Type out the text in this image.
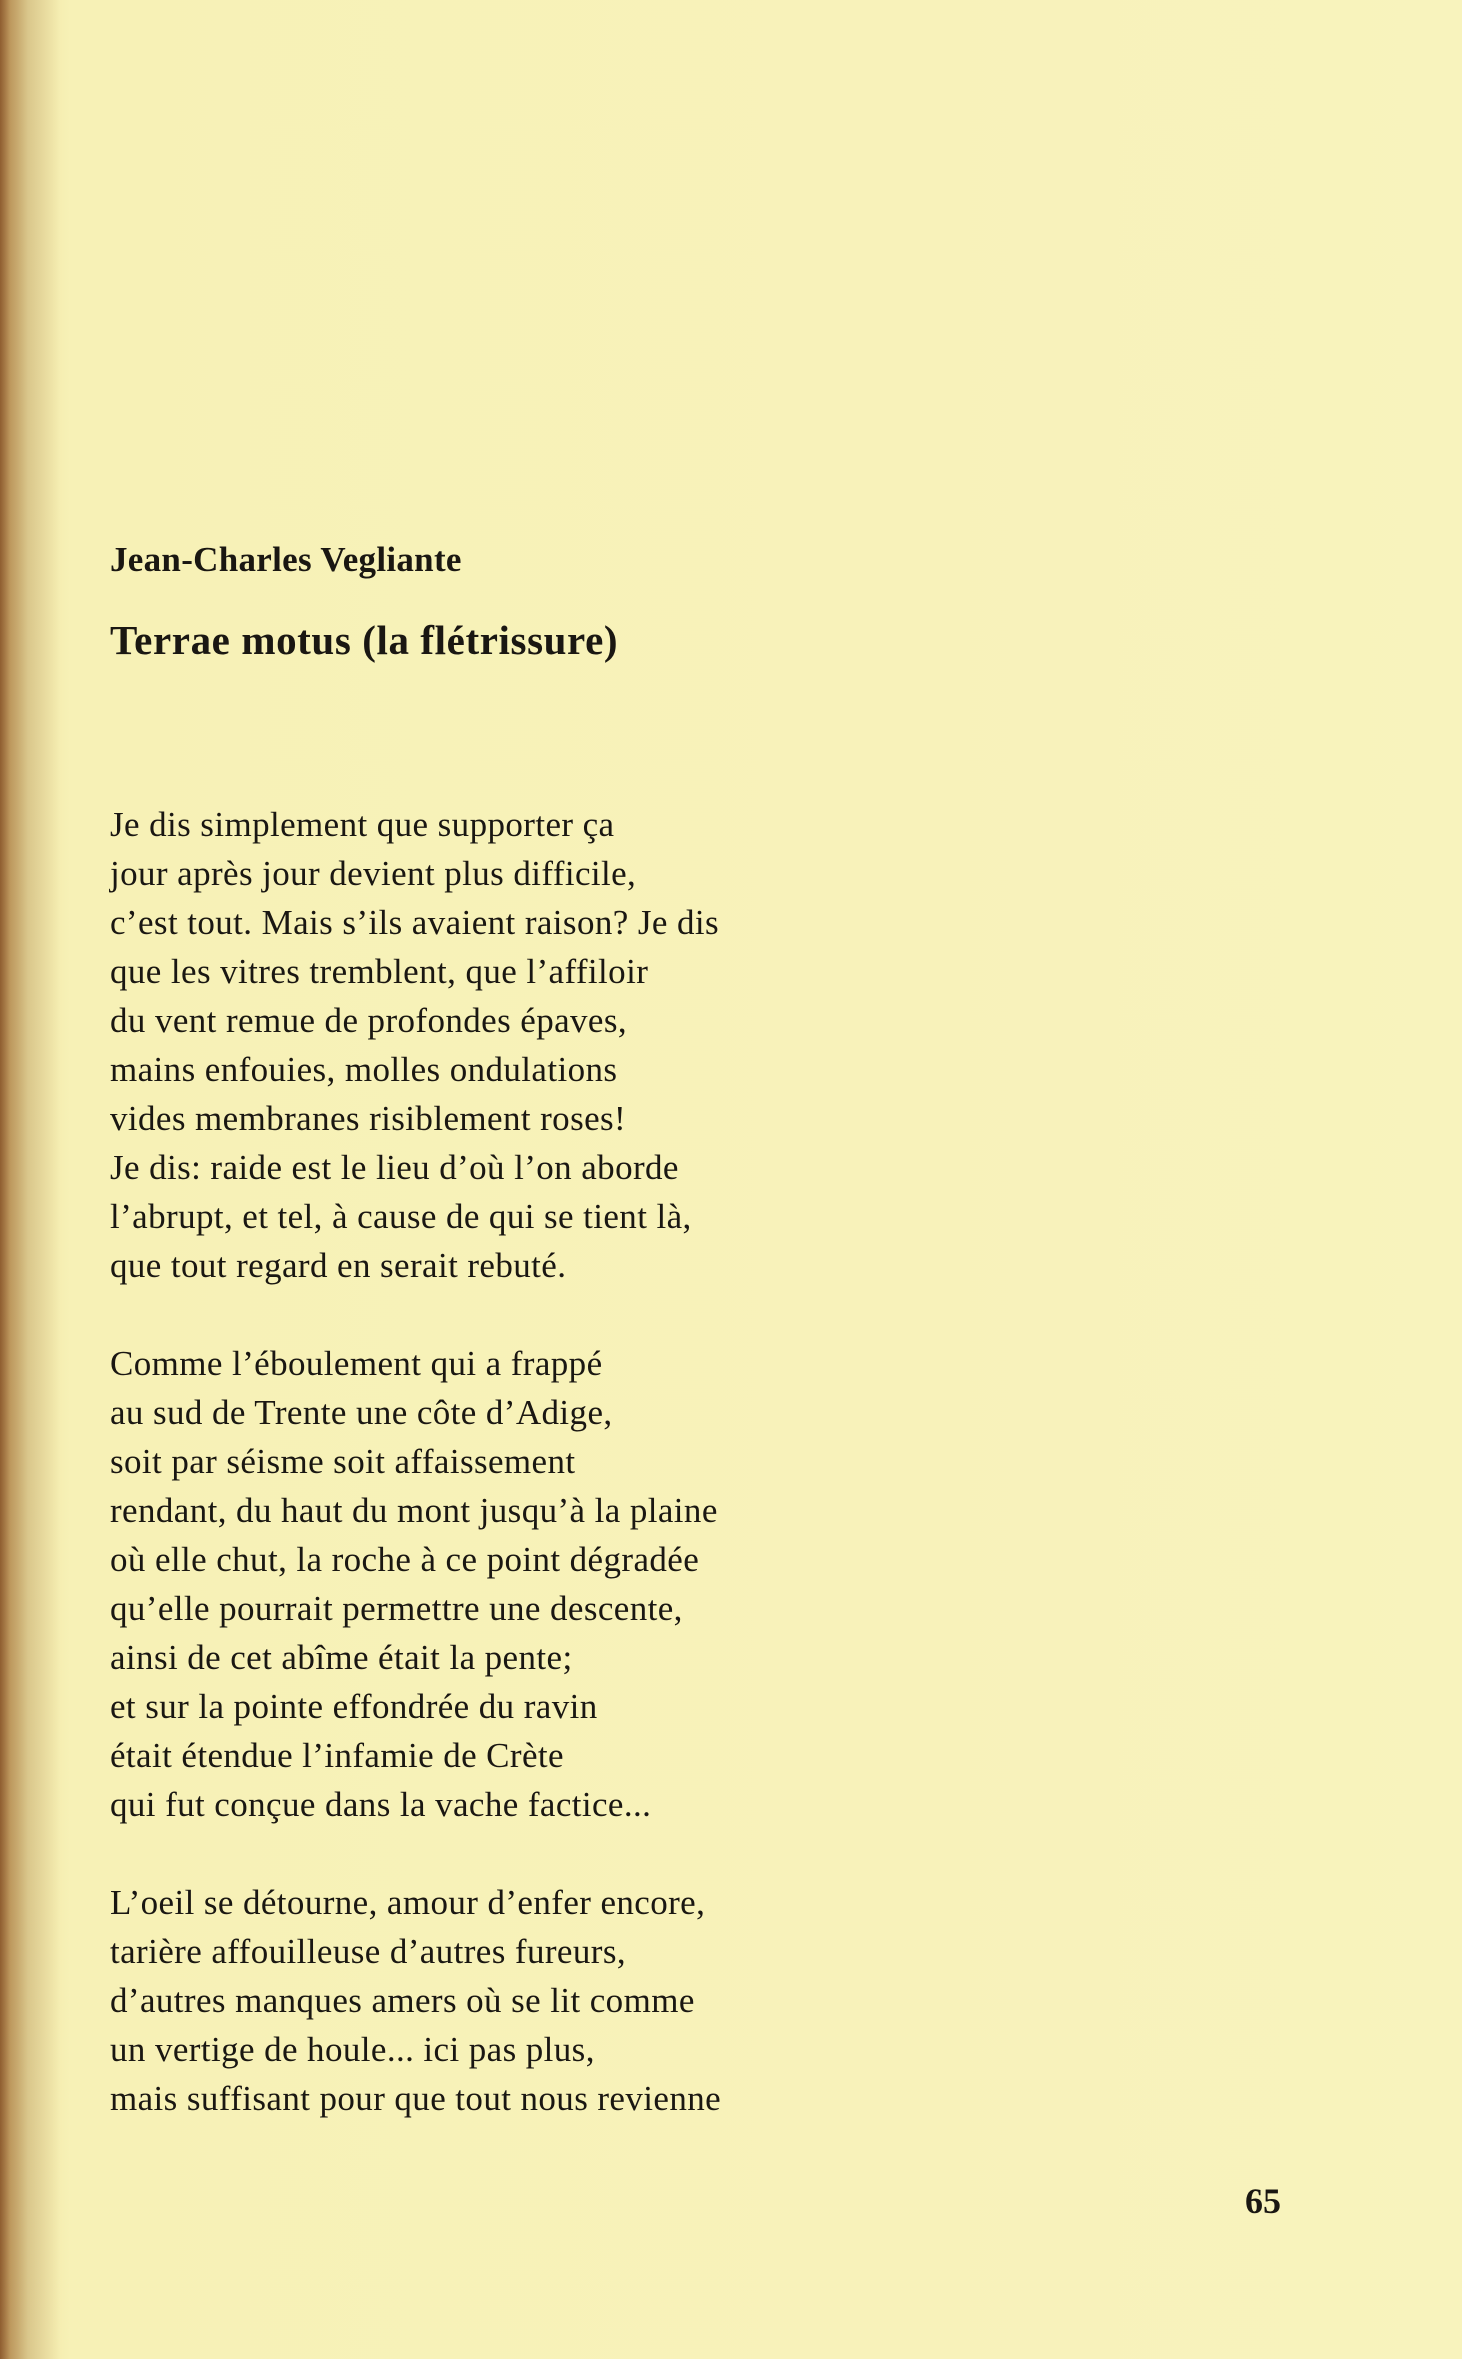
Jean-Charles Vegliante
Terrae motus (la flétrissure)
Je dis simplement que supporter ça
jour après jour devient plus difficile,
c’est tout. Mais s’ils avaient raison? Je dis
que les vitres tremblent, que l’affiloir
du vent remue de profondes épaves,
mains enfouies, molles ondulations
vides membranes risiblement roses!
Je dis: raide est le lieu d’où l’on aborde
l’abrupt, et tel, à cause de qui se tient là,
que tout regard en serait rebuté.
Comme l’éboulement qui a frappé
au sud de Trente une côte d’Adige,
soit par séisme soit affaissement
rendant, du haut du mont jusqu’à la plaine
où elle chut, la roche à ce point dégradée
qu’elle pourrait permettre une descente,
ainsi de cet abîme était la pente;
et sur la pointe effondrée du ravin
était étendue l’infamie de Crète
qui fut conçue dans la vache factice...
L’oeil se détourne, amour d’enfer encore,
tarière affouilleuse d’autres fureurs,
d’autres manques amers où se lit comme
un vertige de houle... ici pas plus,
mais suffisant pour que tout nous revienne
65
